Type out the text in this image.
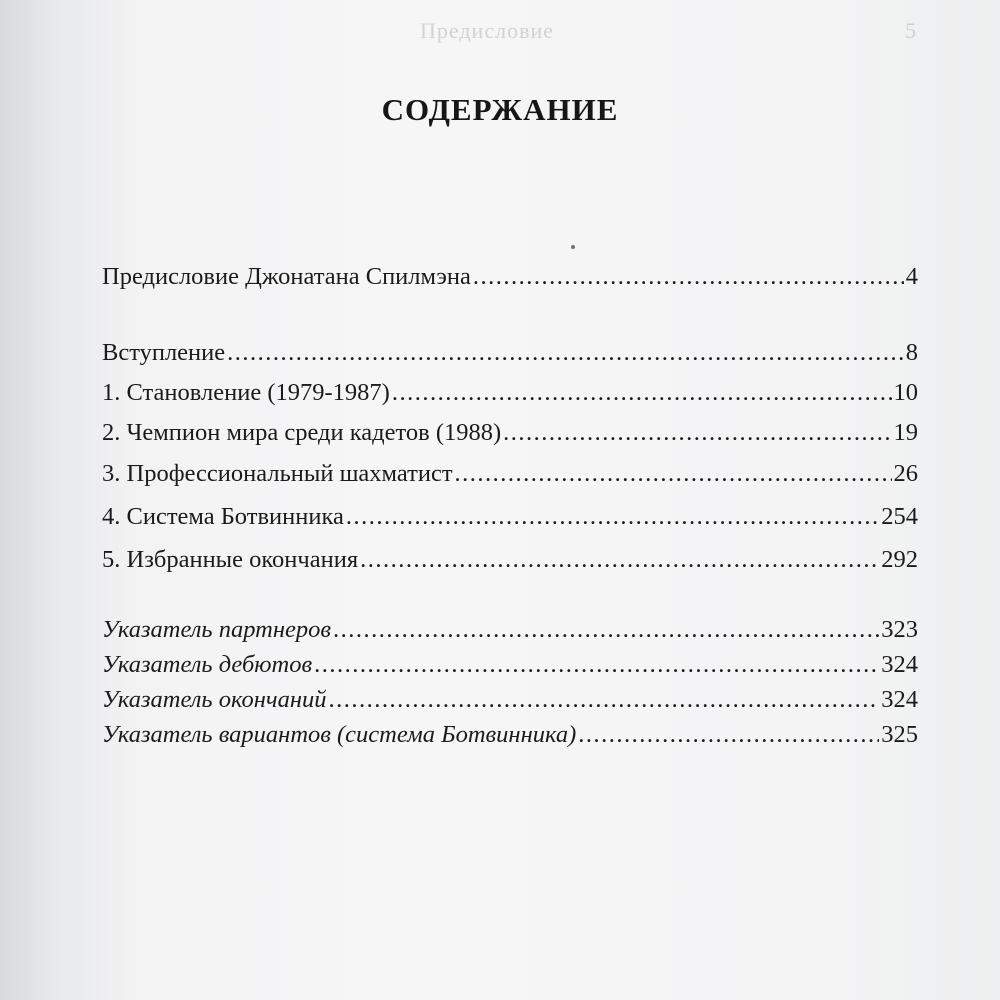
Предисловие	5
СОДЕРЖАНИЕ
Предисловие Джонатана Спилмэна .....	4
Вступление .....	8
1. Становление (1979-1987) .....	10
2. Чемпион мира среди кадетов (1988) .....	19
3. Профессиональный шахматист .....	26
4. Система Ботвинника .....	254
5. Избранные окончания .....	292
Указатель партнеров .....	323
Указатель дебютов .....	324
Указатель окончаний .....	324
Указатель вариантов (система Ботвинника) .....	325
